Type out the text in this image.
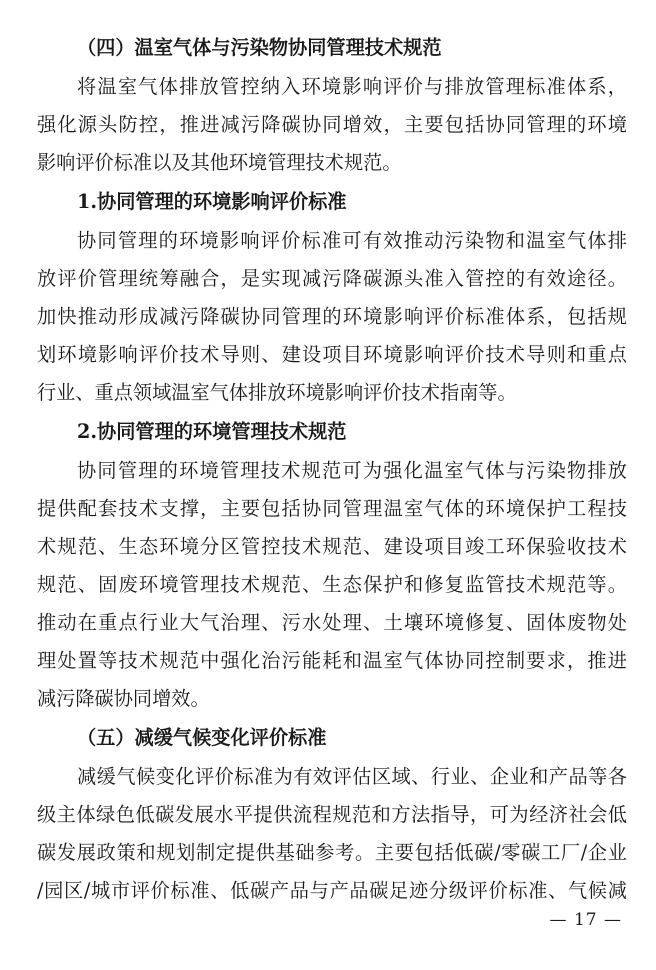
（四）温室气体与污染物协同管理技术规范
将温室气体排放管控纳入环境影响评价与排放管理标准体系，
强化源头防控，推进减污降碳协同增效，主要包括协同管理的环境
影响评价标准以及其他环境管理技术规范。
1.协同管理的环境影响评价标准
协同管理的环境影响评价标准可有效推动污染物和温室气体排
放评价管理统筹融合，是实现减污降碳源头准入管控的有效途径。
加快推动形成减污降碳协同管理的环境影响评价标准体系，包括规
划环境影响评价技术导则、建设项目环境影响评价技术导则和重点
行业、重点领域温室气体排放环境影响评价技术指南等。
2.协同管理的环境管理技术规范
协同管理的环境管理技术规范可为强化温室气体与污染物排放
提供配套技术支撑，主要包括协同管理温室气体的环境保护工程技
术规范、生态环境分区管控技术规范、建设项目竣工环保验收技术
规范、固废环境管理技术规范、生态保护和修复监管技术规范等。
推动在重点行业大气治理、污水处理、土壤环境修复、固体废物处
理处置等技术规范中强化治污能耗和温室气体协同控制要求，推进
减污降碳协同增效。
（五）减缓气候变化评价标准
减缓气候变化评价标准为有效评估区域、行业、企业和产品等各
级主体绿色低碳发展水平提供流程规范和方法指导，可为经济社会低
碳发展政策和规划制定提供基础参考。主要包括低碳/零碳工厂/企业
/园区/城市评价标准、低碳产品与产品碳足迹分级评价标准、气候减
— 17 —
